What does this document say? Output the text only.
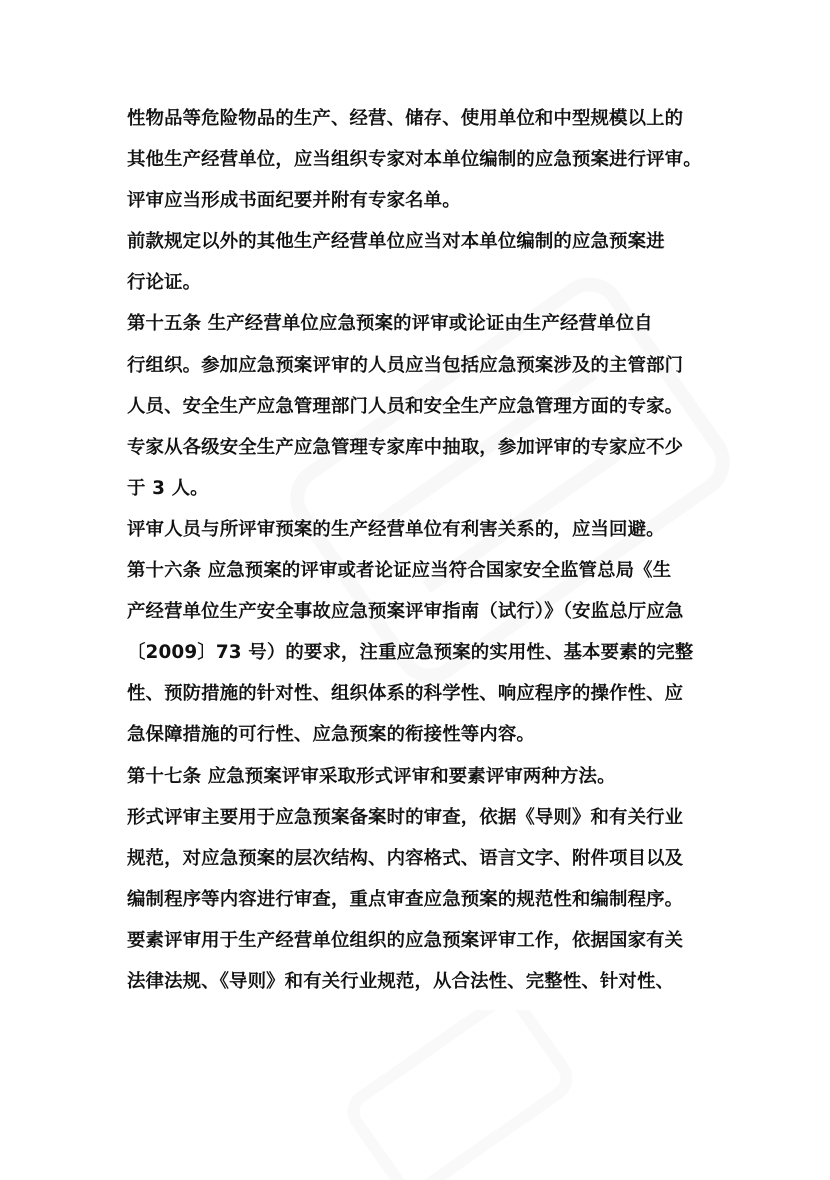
性物品等危险物品的生产、经营、储存、使用单位和中型规模以上的
其他生产经营单位，应当组织专家对本单位编制的应急预案进行评审。
评审应当形成书面纪要并附有专家名单。
前款规定以外的其他生产经营单位应当对本单位编制的应急预案进
行论证。
第十五条 生产经营单位应急预案的评审或论证由生产经营单位自
行组织。参加应急预案评审的人员应当包括应急预案涉及的主管部门
人员、安全生产应急管理部门人员和安全生产应急管理方面的专家。
专家从各级安全生产应急管理专家库中抽取，参加评审的专家应不少
于 3 人。
评审人员与所评审预案的生产经营单位有利害关系的，应当回避。
第十六条 应急预案的评审或者论证应当符合国家安全监管总局《生
产经营单位生产安全事故应急预案评审指南（试行）》（安监总厅应急
〔2009〕73 号）的要求，注重应急预案的实用性、基本要素的完整
性、预防措施的针对性、组织体系的科学性、响应程序的操作性、应
急保障措施的可行性、应急预案的衔接性等内容。
第十七条 应急预案评审采取形式评审和要素评审两种方法。
形式评审主要用于应急预案备案时的审查，依据《导则》和有关行业
规范，对应急预案的层次结构、内容格式、语言文字、附件项目以及
编制程序等内容进行审查，重点审查应急预案的规范性和编制程序。
要素评审用于生产经营单位组织的应急预案评审工作，依据国家有关
法律法规、《导则》和有关行业规范，从合法性、完整性、针对性、
